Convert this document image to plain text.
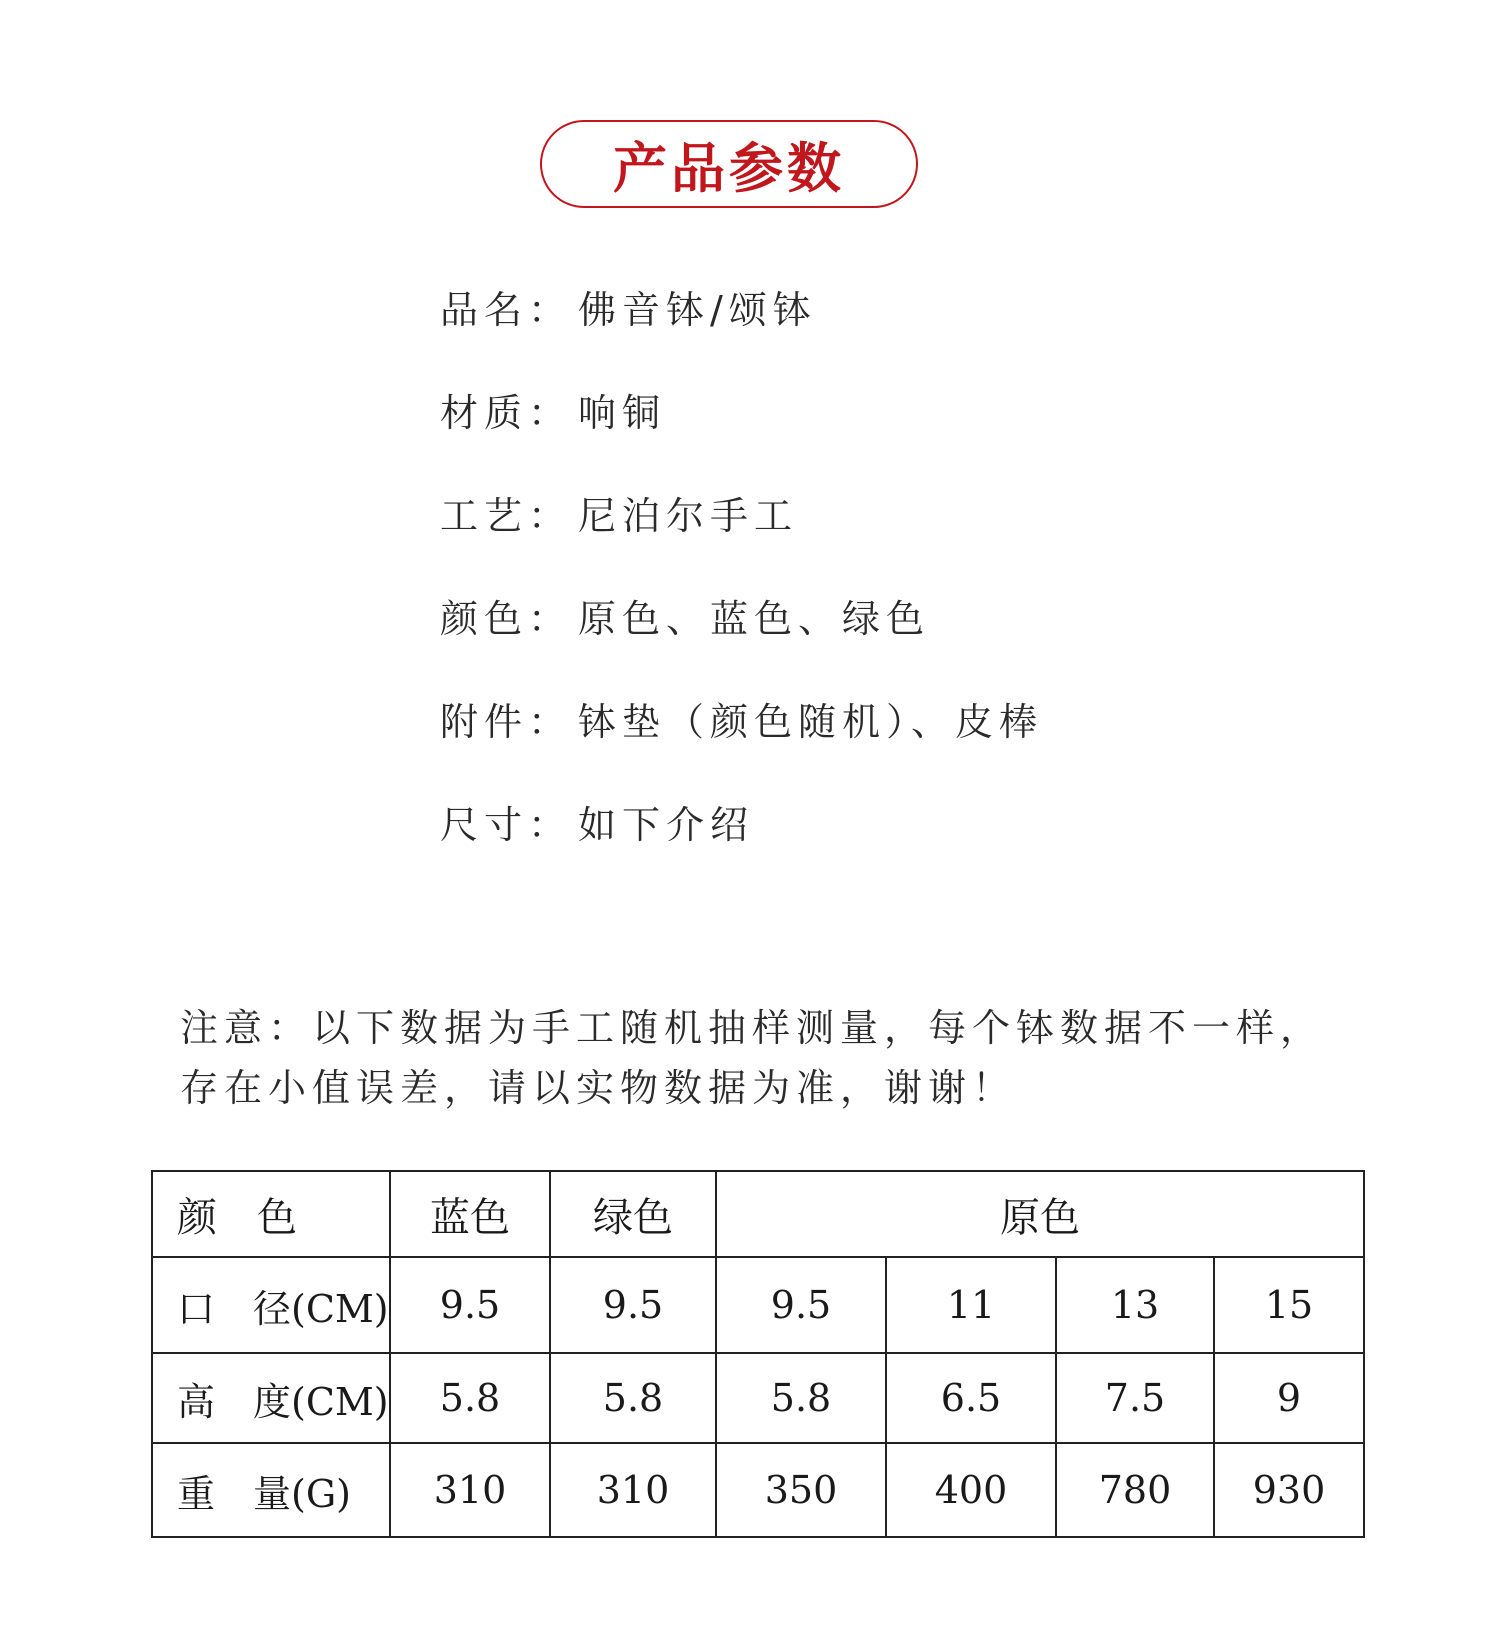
产品参数
品名： 佛音钵/颂钵
材质： 响铜
工艺： 尼泊尔手工
颜色： 原色、蓝色、绿色
附件： 钵垫（颜色随机）、皮棒
尺寸： 如下介绍

注意：以下数据为手工随机抽样测量，每个钵数据不一样，

存在小值误差，请以实物数据为准，谢谢！

颜　色	蓝色	绿色	原色			
口　径(CM)	9.5	9.5	9.5	11	13	15
高　度(CM)	5.8	5.8	5.8	6.5	7.5	9
重　量(G)	310	310	350	400	780	930
